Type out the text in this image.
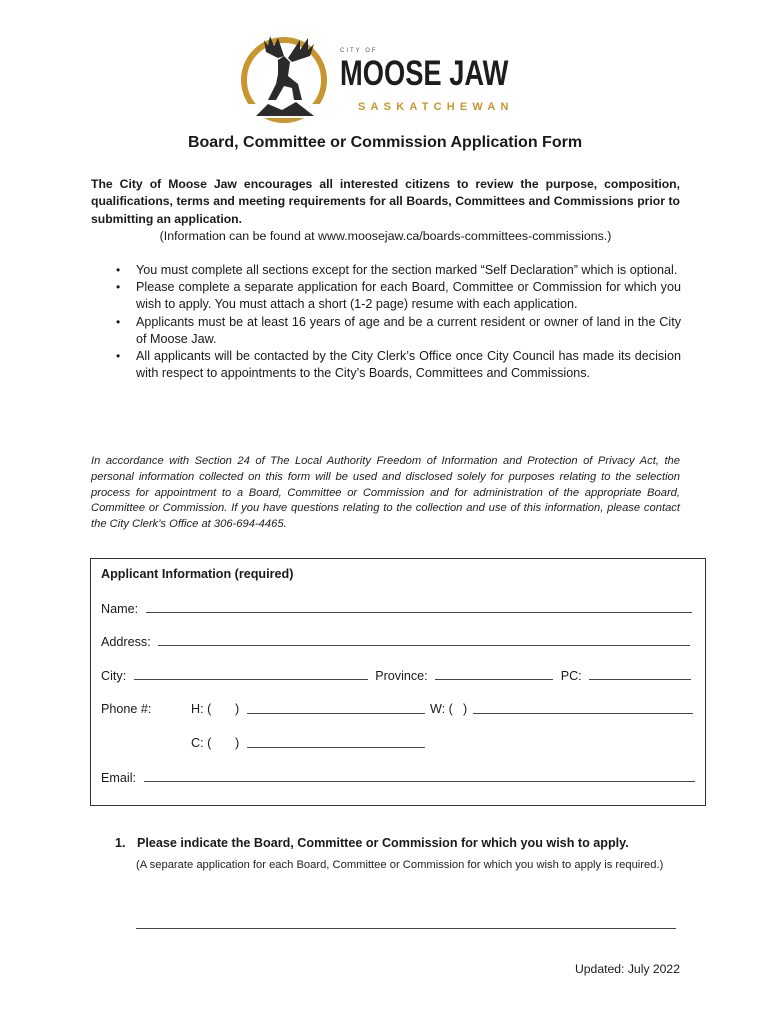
CITY OF
MOOSE JAW
SASKATCHEWAN
Board, Committee or Commission Application Form
The City of Moose Jaw encourages all interested citizens to review the purpose, composition, qualifications, terms and meeting requirements for all Boards, Committees and Commissions prior to submitting an application.
(Information can be found at www.moosejaw.ca/boards-committees-commissions.)
• You must complete all sections except for the section marked “Self Declaration” which is optional.
• Please complete a separate application for each Board, Committee or Commission for which you wish to apply. You must attach a short (1-2 page) resume with each application.
• Applicants must be at least 16 years of age and be a current resident or owner of land in the City of Moose Jaw.
• All applicants will be contacted by the City Clerk’s Office once City Council has made its decision with respect to appointments to the City’s Boards, Committees and Commissions.
In accordance with Section 24 of The Local Authority Freedom of Information and Protection of Privacy Act, the personal information collected on this form will be used and disclosed solely for purposes relating to the selection process for appointment to a Board, Committee or Commission and for administration of the appropriate Board, Committee or Commission. If you have questions relating to the collection and use of this information, please contact the City Clerk’s Office at 306-694-4465.
Applicant Information (required)
Name:
Address:
City:	Province:	PC:
Phone #:	H: ( )	W: ( )
C: ( )
Email:
1. Please indicate the Board, Committee or Commission for which you wish to apply.
(A separate application for each Board, Committee or Commission for which you wish to apply is required.)
Updated: July 2022
